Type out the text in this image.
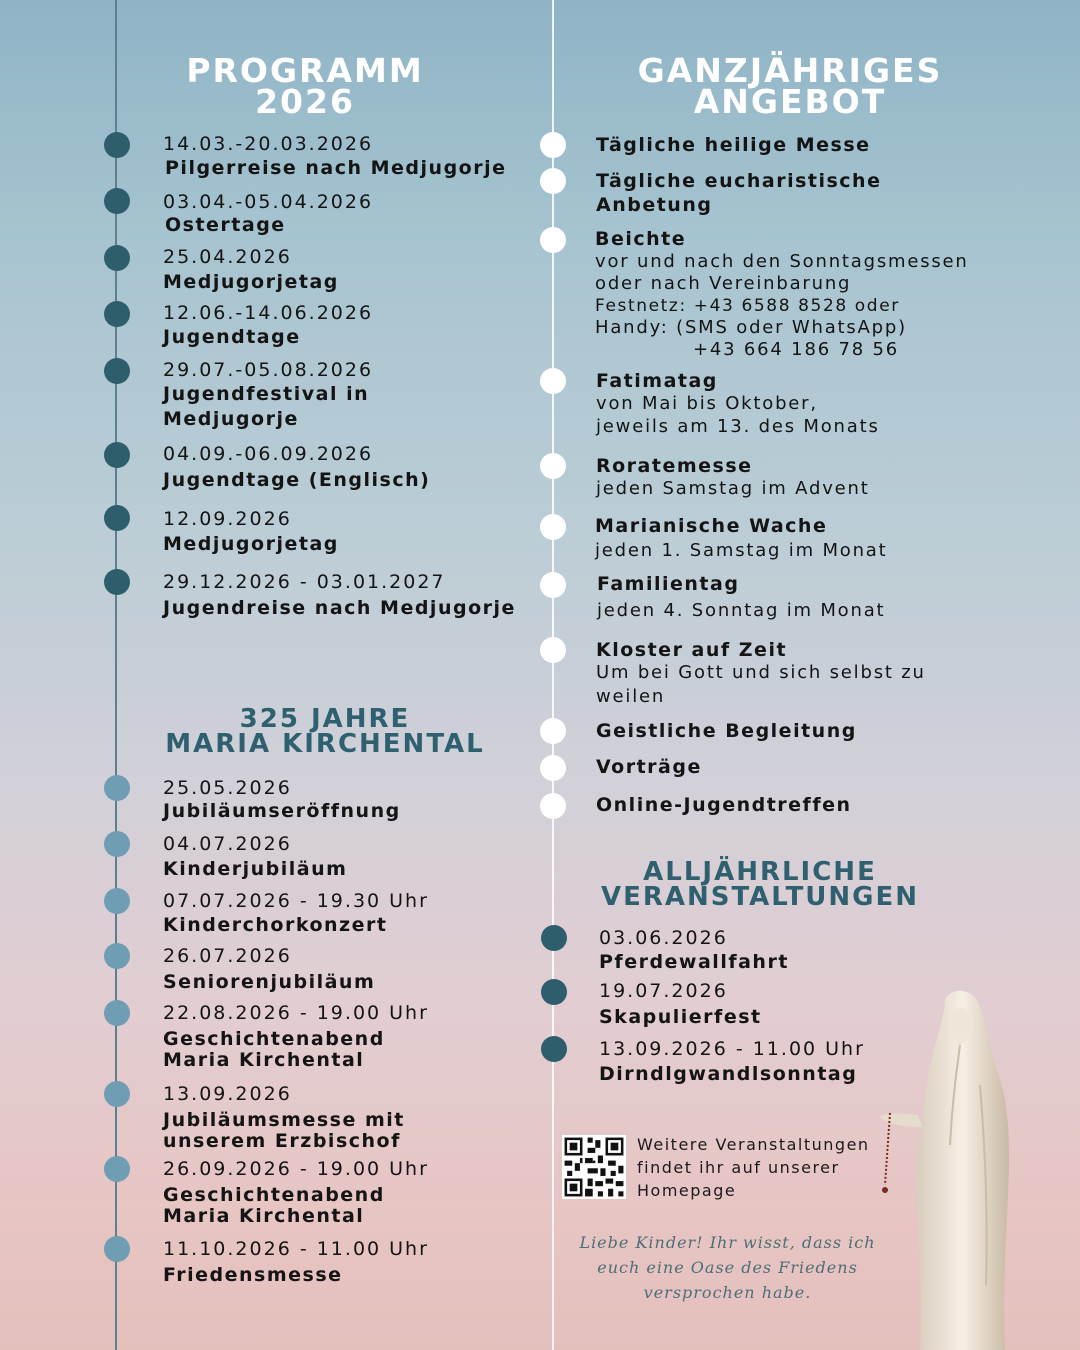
PROGRAMM
2026
14.03.-20.03.2026
Pilgerreise nach Medjugorje
03.04.-05.04.2026
Ostertage
25.04.2026
Medjugorjetag
12.06.-14.06.2026
Jugendtage
29.07.-05.08.2026
Jugendfestival in
Medjugorje
04.09.-06.09.2026
Jugendtage (Englisch)
12.09.2026
Medjugorjetag
29.12.2026 - 03.01.2027
Jugendreise nach Medjugorje
325 JAHRE
MARIA KIRCHENTAL
25.05.2026
Jubiläumseröffnung
04.07.2026
Kinderjubiläum
07.07.2026 - 19.30 Uhr
Kinderchorkonzert
26.07.2026
Seniorenjubiläum
22.08.2026 - 19.00 Uhr
Geschichtenabend
Maria Kirchental
13.09.2026
Jubiläumsmesse mit
unserem Erzbischof
26.09.2026 - 19.00 Uhr
Geschichtenabend
Maria Kirchental
11.10.2026 - 11.00 Uhr
Friedensmesse
GANZJÄHRIGES
ANGEBOT
Tägliche heilige Messe
Tägliche eucharistische
Anbetung
Beichte
vor und nach den Sonntagsmessen
oder nach Vereinbarung
Festnetz: +43 6588 8528 oder
Handy: (SMS oder WhatsApp)
+43 664 186 78 56
Fatimatag
von Mai bis Oktober,
jeweils am 13. des Monats
Roratemesse
jeden Samstag im Advent
Marianische Wache
jeden 1. Samstag im Monat
Familientag
jeden 4. Sonntag im Monat
Kloster auf Zeit
Um bei Gott und sich selbst zu
weilen
Geistliche Begleitung
Vorträge
Online-Jugendtreffen
ALLJÄHRLICHE
VERANSTALTUNGEN
03.06.2026
Pferdewallfahrt
19.07.2026
Skapulierfest
13.09.2026 - 11.00 Uhr
Dirndlgwandlsonntag
Weitere Veranstaltungen
findet ihr auf unserer
Homepage
Liebe Kinder! Ihr wisst, dass ich
euch eine Oase des Friedens
versprochen habe.
